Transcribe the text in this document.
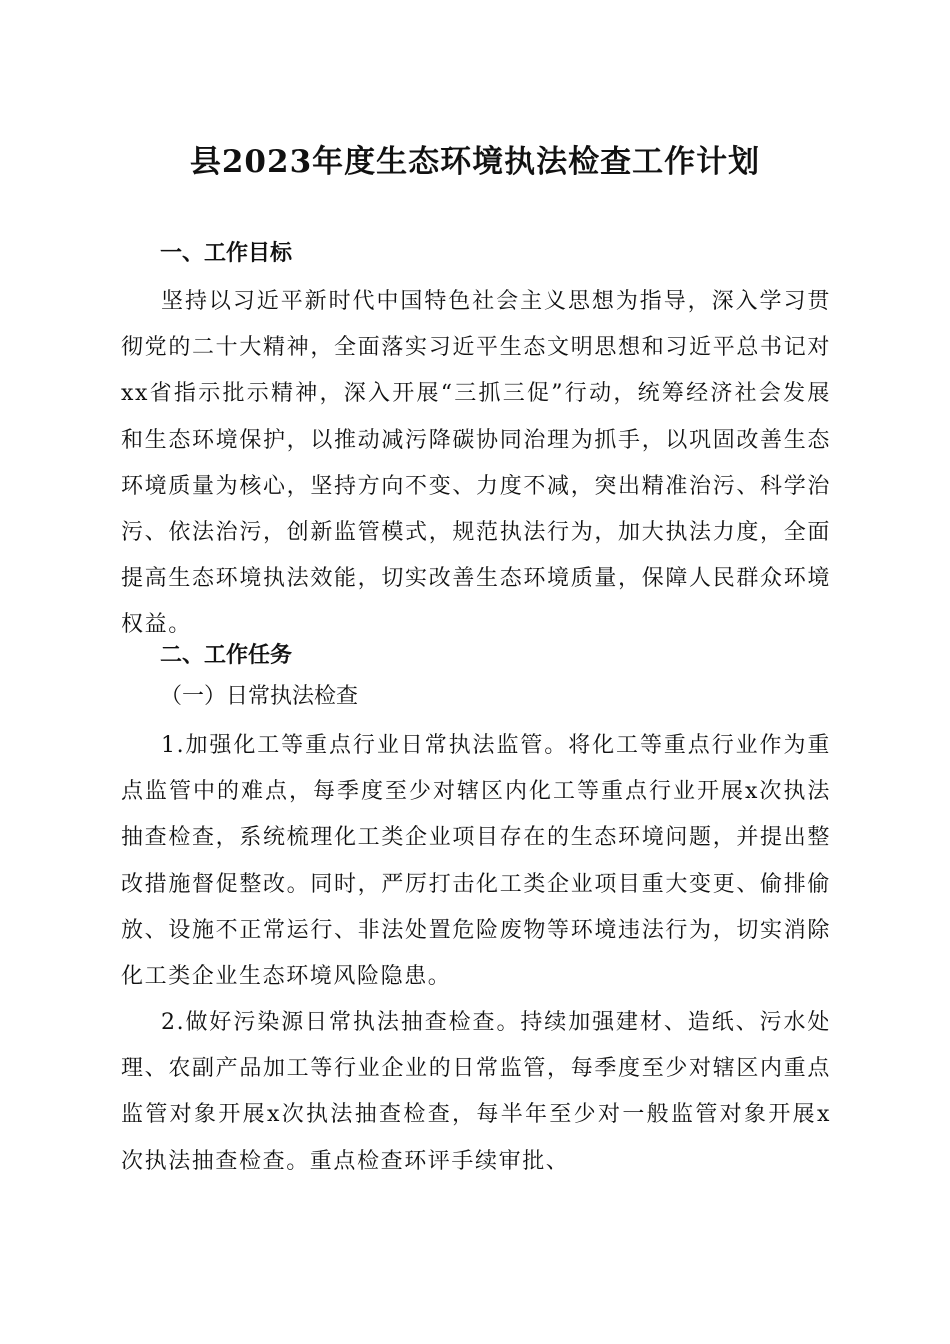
县2023年度生态环境执法检查工作计划
一、工作目标

坚持以习近平新时代中国特色社会主义思想为指导，深入学习贯彻党的二十大精神，全面落实习近平生态文明思想和习近平总书记对xx省指示批示精神，深入开展“三抓三促”行动，统筹经济社会发展和生态环境保护，以推动减污降碳协同治理为抓手，以巩固改善生态环境质量为核心，坚持方向不变、力度不减，突出精准治污、科学治污、依法治污，创新监管模式，规范执法行为，加大执法力度，全面提高生态环境执法效能，切实改善生态环境质量，保障人民群众环境权益。

二、工作任务
（一）日常执法检查

1.加强化工等重点行业日常执法监管。将化工等重点行业作为重点监管中的难点，每季度至少对辖区内化工等重点行业开展x次执法抽查检查，系统梳理化工类企业项目存在的生态环境问题，并提出整改措施督促整改。同时，严厉打击化工类企业项目重大变更、偷排偷放、设施不正常运行、非法处置危险废物等环境违法行为，切实消除化工类企业生态环境风险隐患。

2.做好污染源日常执法抽查检查。持续加强建材、造纸、污水处理、农副产品加工等行业企业的日常监管，每季度至少对辖区内重点监管对象开展x次执法抽查检查，每半年至少对一般监管对象开展x次执法抽查检查。重点检查环评手续审批、
